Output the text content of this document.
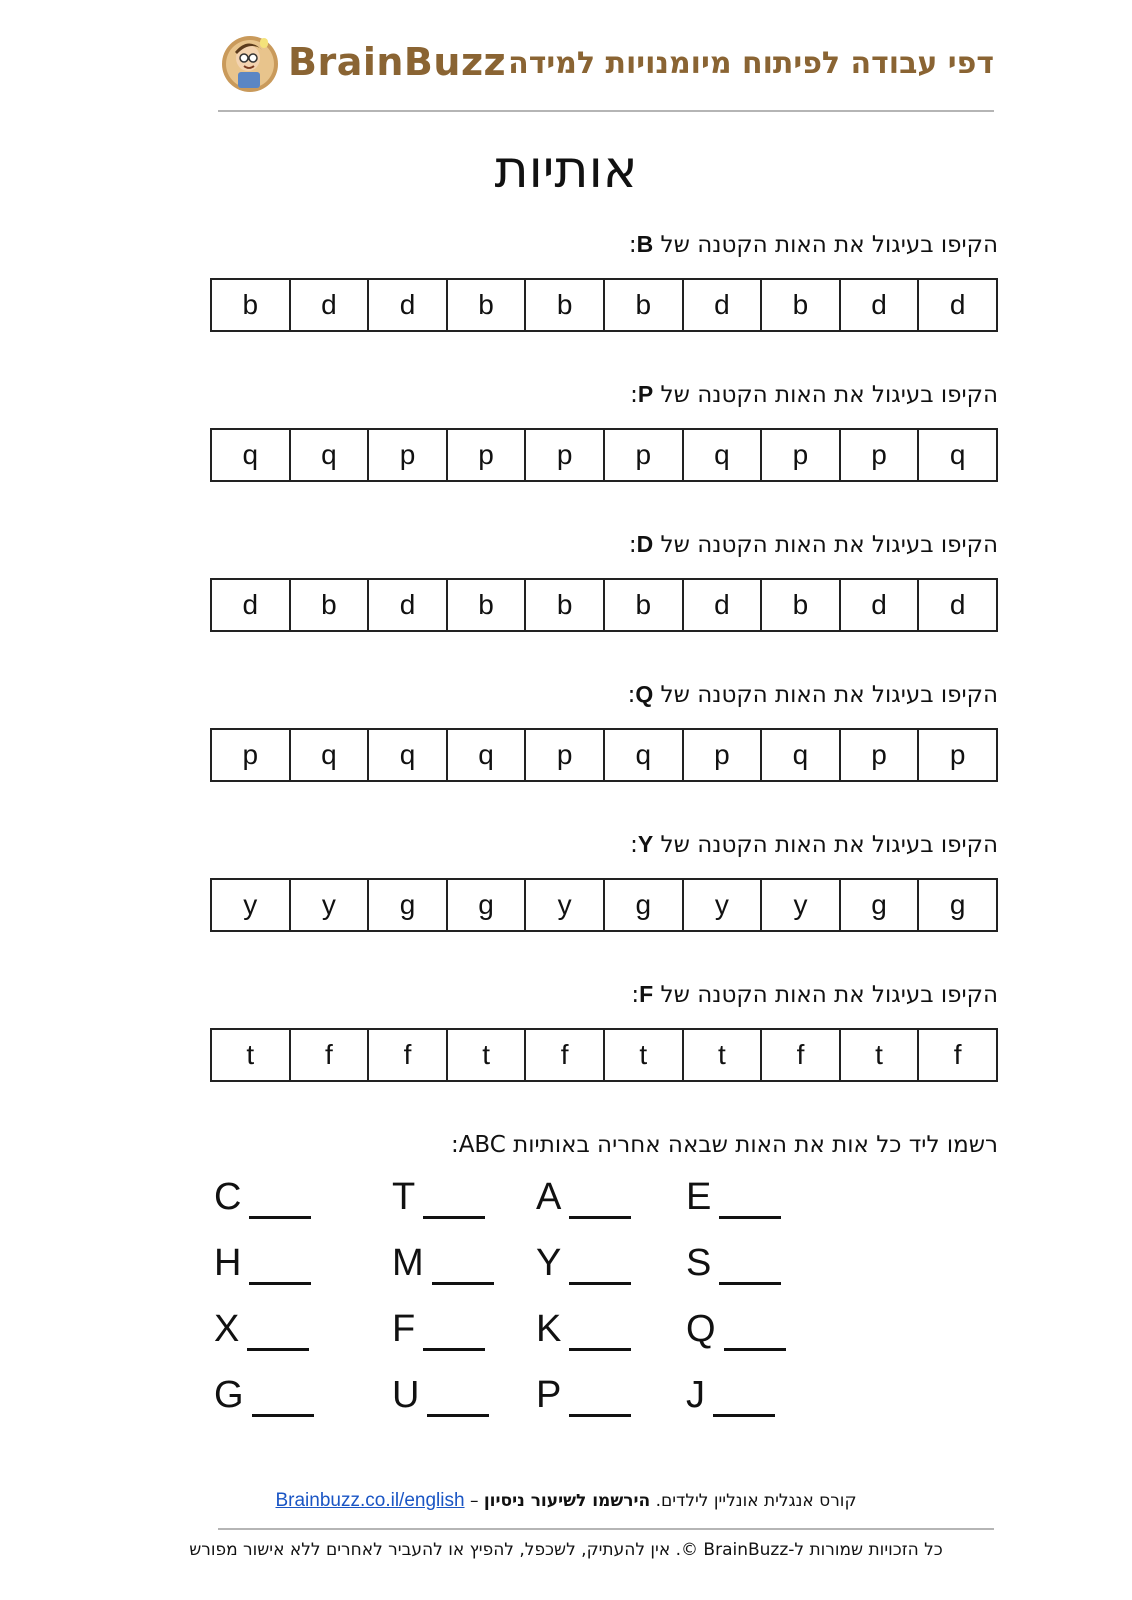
BrainBuzz דפי עבודה לפיתוח מיומנויות למידה
אותיות
הקיפו בעיגול את האות הקטנה של B:
b	d	d	b	b	b	d	b	d	d
הקיפו בעיגול את האות הקטנה של P:
q	q	p	p	p	p	q	p	p	q
הקיפו בעיגול את האות הקטנה של D:
d	b	d	b	b	b	d	b	d	d
הקיפו בעיגול את האות הקטנה של Q:
p	q	q	q	p	q	p	q	p	p
הקיפו בעיגול את האות הקטנה של Y:
y	y	g	g	y	g	y	y	g	g
הקיפו בעיגול את האות הקטנה של F:
t	f	f	t	f	t	t	f	t	f
רשמו ליד כל אות את האות שבאה אחריה באותיות ABC:
C	T	A	E
H	M	Y	S
X	F	K	Q
G	U	P	J
קורס אנגלית אונליין לילדים. הירשמו לשיעור ניסיון – Brainbuzz.co.il/english
כל הזכויות שמורות ל-BrainBuzz ©. אין להעתיק, לשכפל, להפיץ או להעביר לאחרים ללא אישור מפורש
